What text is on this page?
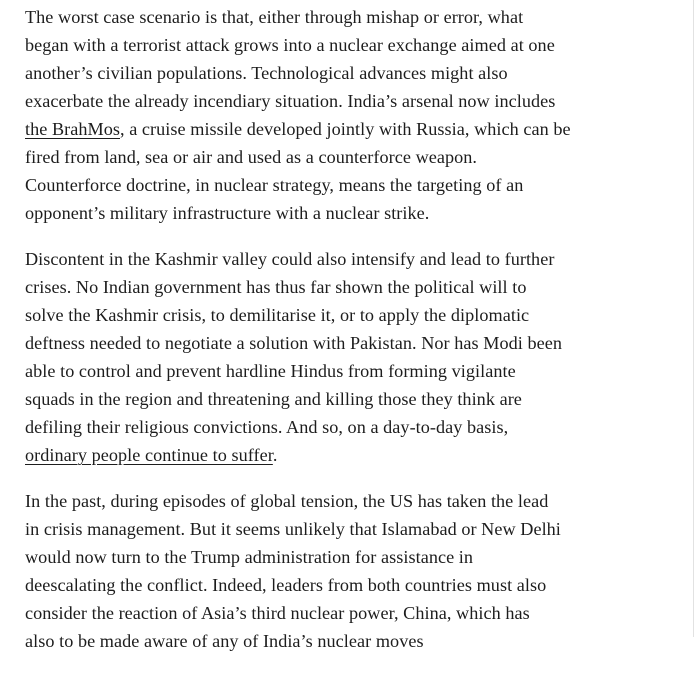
The worst case scenario is that, either through mishap or error, what
began with a terrorist attack grows into a nuclear exchange aimed at one
another’s civilian populations. Technological advances might also
exacerbate the already incendiary situation. India’s arsenal now includes
the BrahMos, a cruise missile developed jointly with Russia, which can be
fired from land, sea or air and used as a counterforce weapon.
Counterforce doctrine, in nuclear strategy, means the targeting of an
opponent’s military infrastructure with a nuclear strike.

Discontent in the Kashmir valley could also intensify and lead to further
crises. No Indian government has thus far shown the political will to
solve the Kashmir crisis, to demilitarise it, or to apply the diplomatic
deftness needed to negotiate a solution with Pakistan. Nor has Modi been
able to control and prevent hardline Hindus from forming vigilante
squads in the region and threatening and killing those they think are
defiling their religious convictions. And so, on a day-to-day basis,
ordinary people continue to suffer.

In the past, during episodes of global tension, the US has taken the lead
in crisis management. But it seems unlikely that Islamabad or New Delhi
would now turn to the Trump administration for assistance in
deescalating the conflict. Indeed, leaders from both countries must also
consider the reaction of Asia’s third nuclear power, China, which has
also to be made aware of any of India’s nuclear moves
